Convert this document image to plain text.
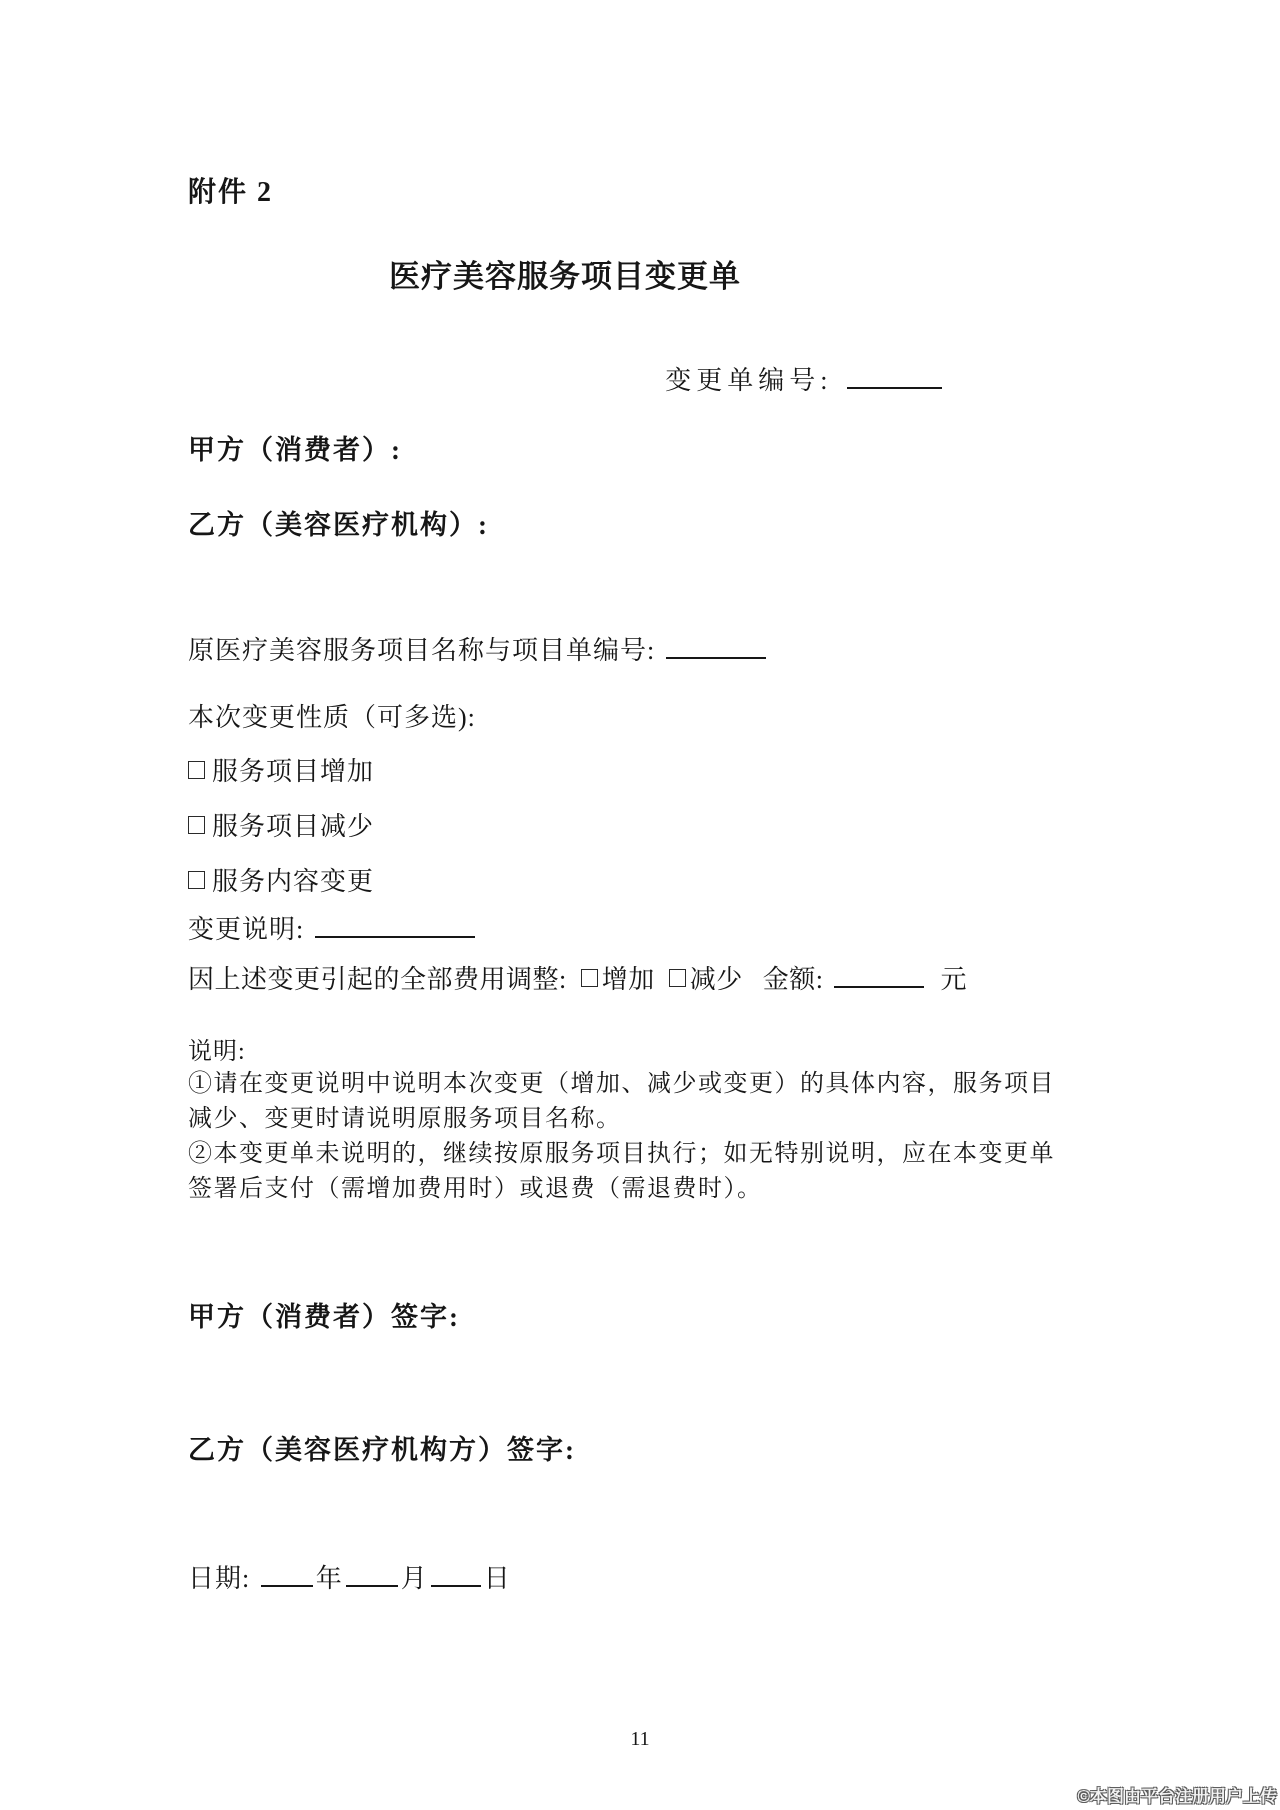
附件 2
医疗美容服务项目变更单
变更单编号:
甲方（消费者）:
乙方（美容医疗机构）:
原医疗美容服务项目名称与项目单编号:
本次变更性质（可多选):
服务项目增加
服务项目减少
服务内容变更
变更说明:
因上述变更引起的全部费用调整: 增加 减少 金额:	元
说明:
①请在变更说明中说明本次变更（增加、减少或变更）的具体内容，服务项目
减少、变更时请说明原服务项目名称。
②本变更单未说明的，继续按原服务项目执行；如无特别说明，应在本变更单
签署后支付（需增加费用时）或退费（需退费时）。
甲方（消费者）签字:
乙方（美容医疗机构方）签字:
日期:	年 月 日
11
©本图由平台注册用户上传
